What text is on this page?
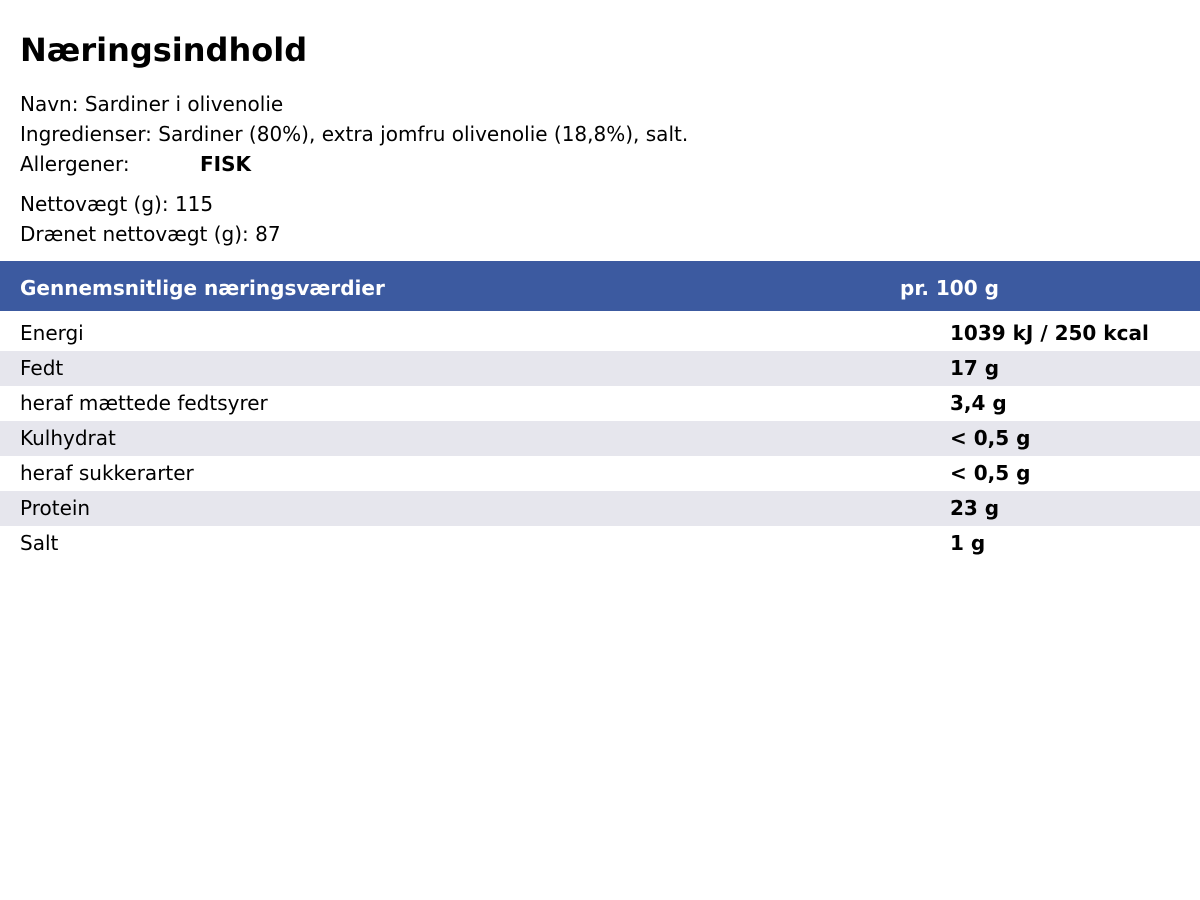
Næringsindhold
Navn: Sardiner i olivenolie
Ingredienser: Sardiner (80%), extra jomfru olivenolie (18,8%), salt.
Allergener:	FISK
Nettovægt (g): 115
Drænet nettovægt (g): 87
Gennemsnitlige næringsværdier	pr. 100 g
Energi	1039 kJ / 250 kcal
Fedt	17 g
heraf mættede fedtsyrer	3,4 g
Kulhydrat	< 0,5 g
heraf sukkerarter	< 0,5 g
Protein	23 g
Salt	1 g
